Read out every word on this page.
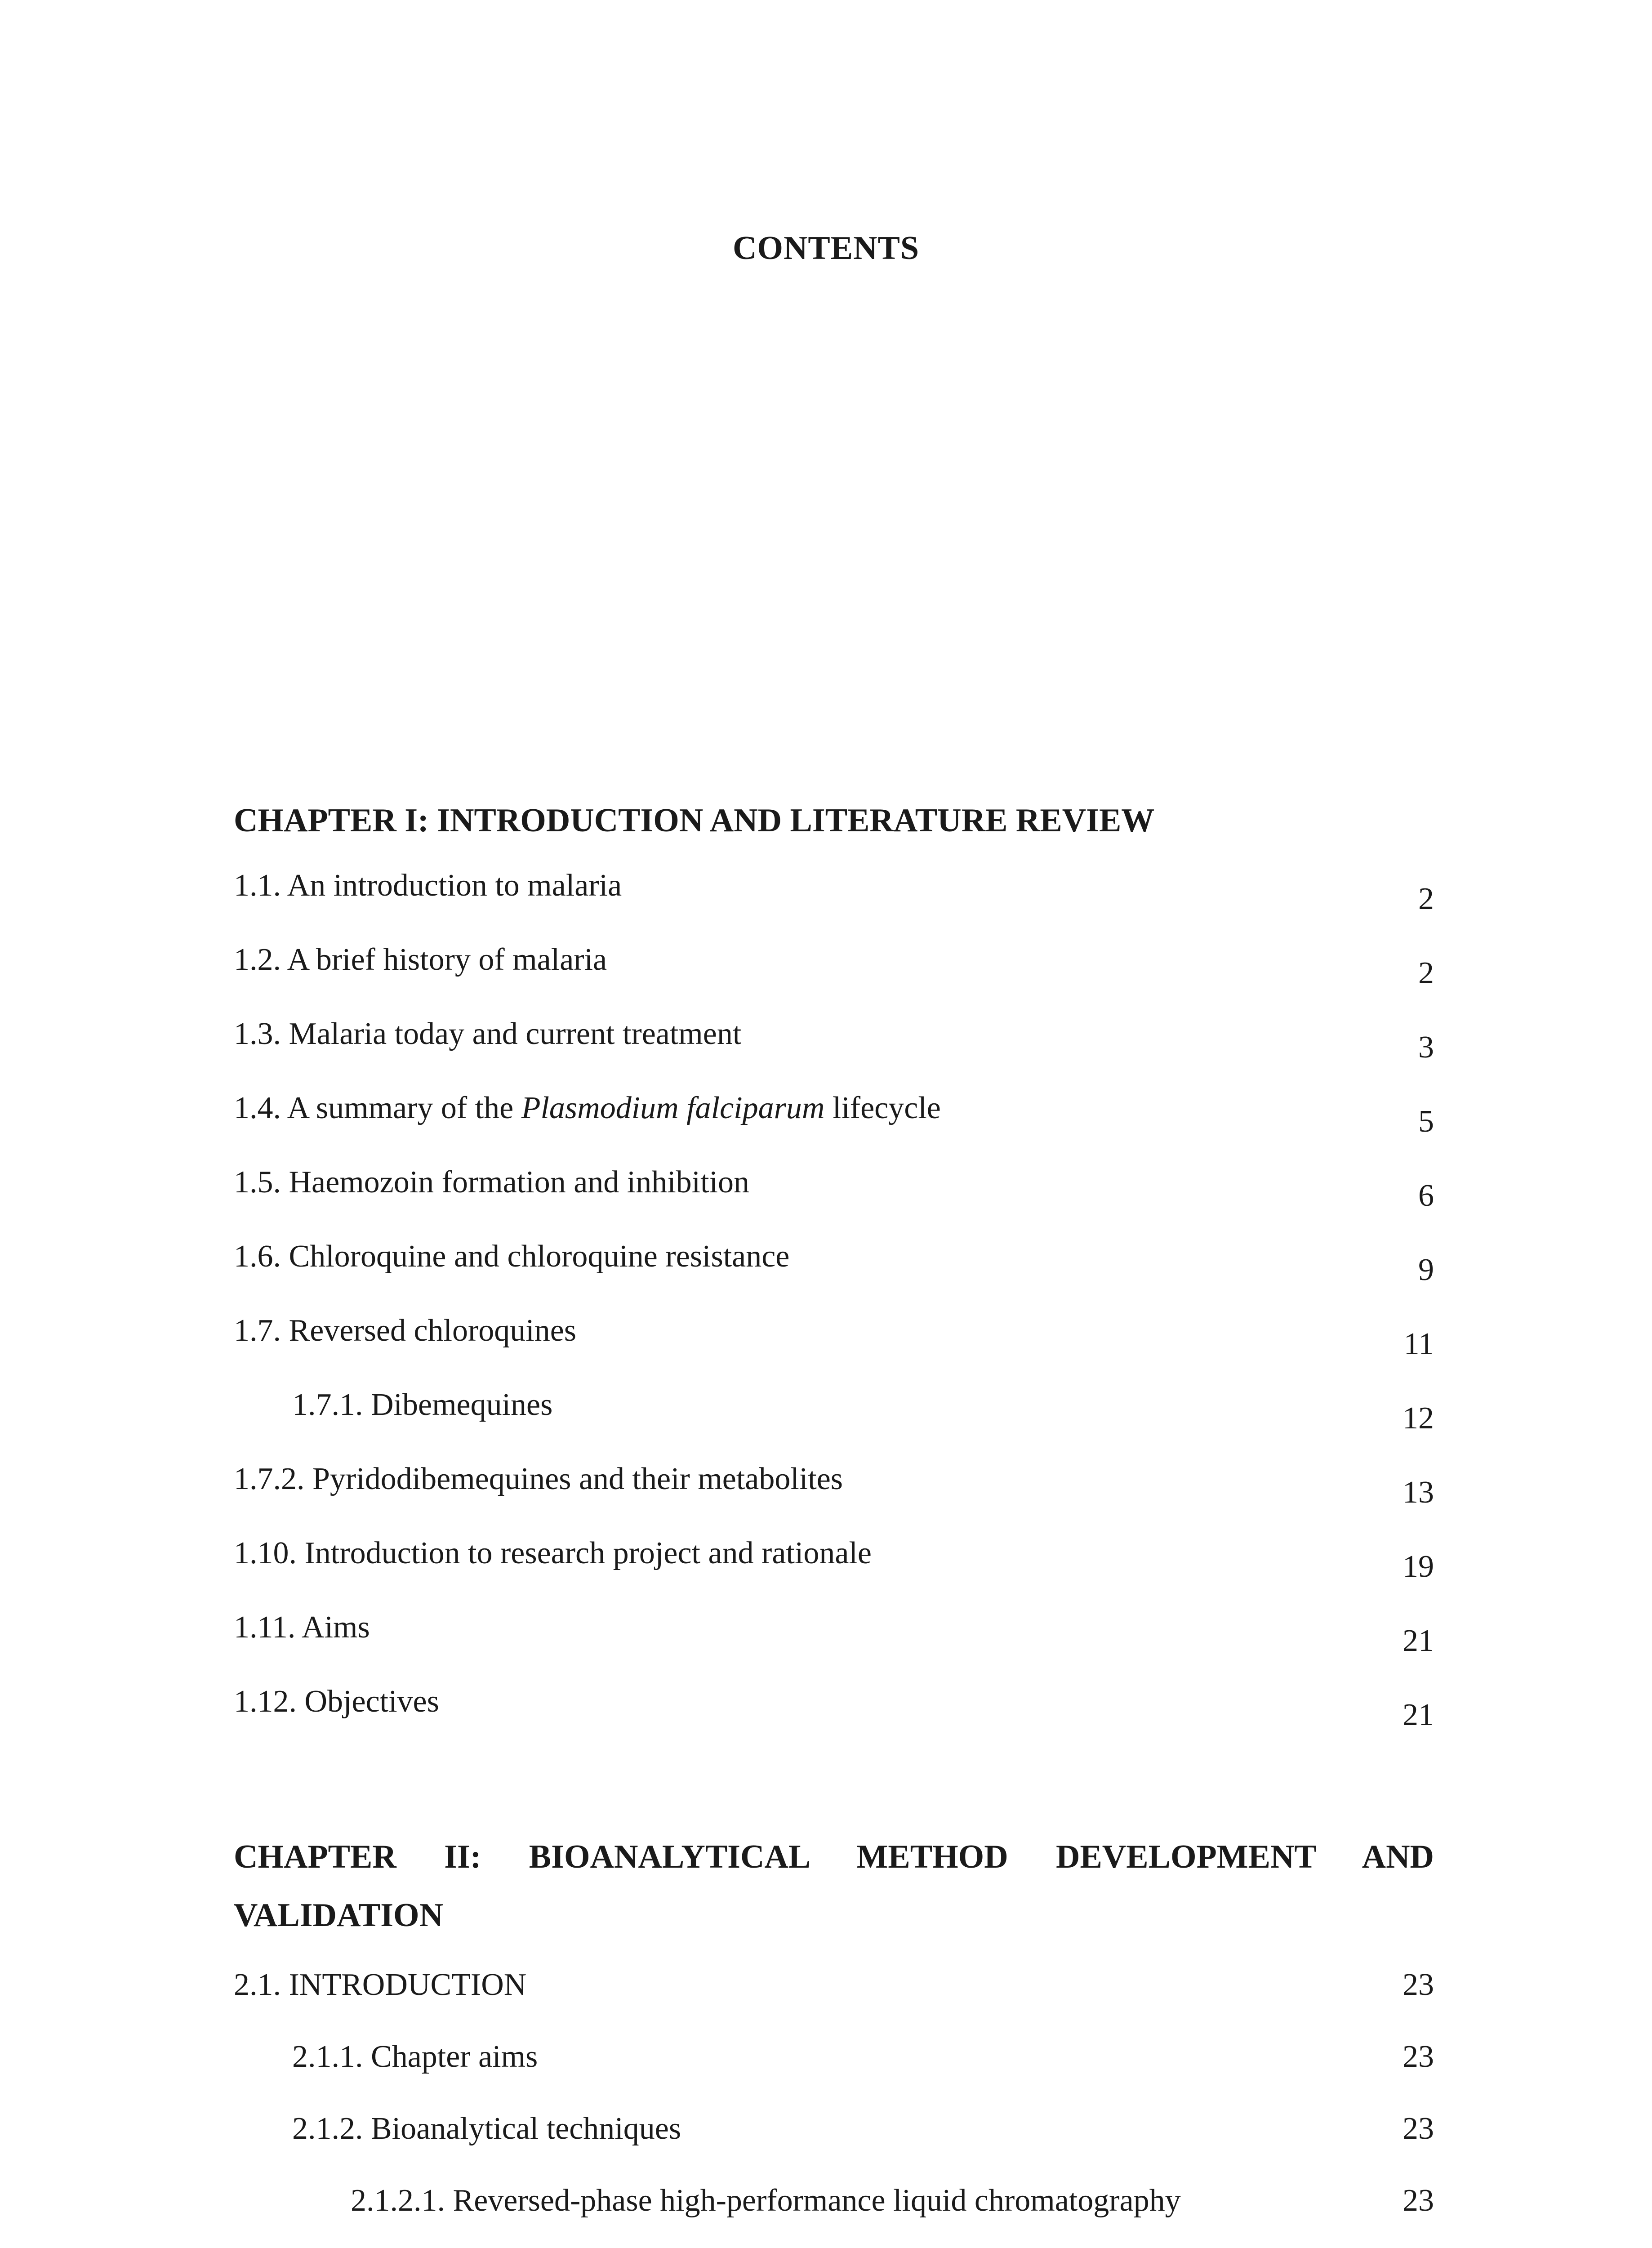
CONTENTS
CHAPTER I: INTRODUCTION AND LITERATURE REVIEW
1.1. An introduction to malaria	2
1.2. A brief history of malaria	2
1.3. Malaria today and current treatment	3
1.4. A summary of the Plasmodium falciparum lifecycle	5
1.5. Haemozoin formation and inhibition	6
1.6. Chloroquine and chloroquine resistance	9
1.7. Reversed chloroquines	11
1.7.1. Dibemequines	12
1.7.2. Pyridodibemequines and their metabolites	13
1.10. Introduction to research project and rationale	19
1.11. Aims	21
1.12. Objectives	21
CHAPTER II: BIOANALYTICAL METHOD DEVELOPMENT AND VALIDATION
2.1. INTRODUCTION	23
2.1.1. Chapter aims	23
2.1.2. Bioanalytical techniques	23
2.1.2.1. Reversed-phase high-performance liquid chromatography	23
